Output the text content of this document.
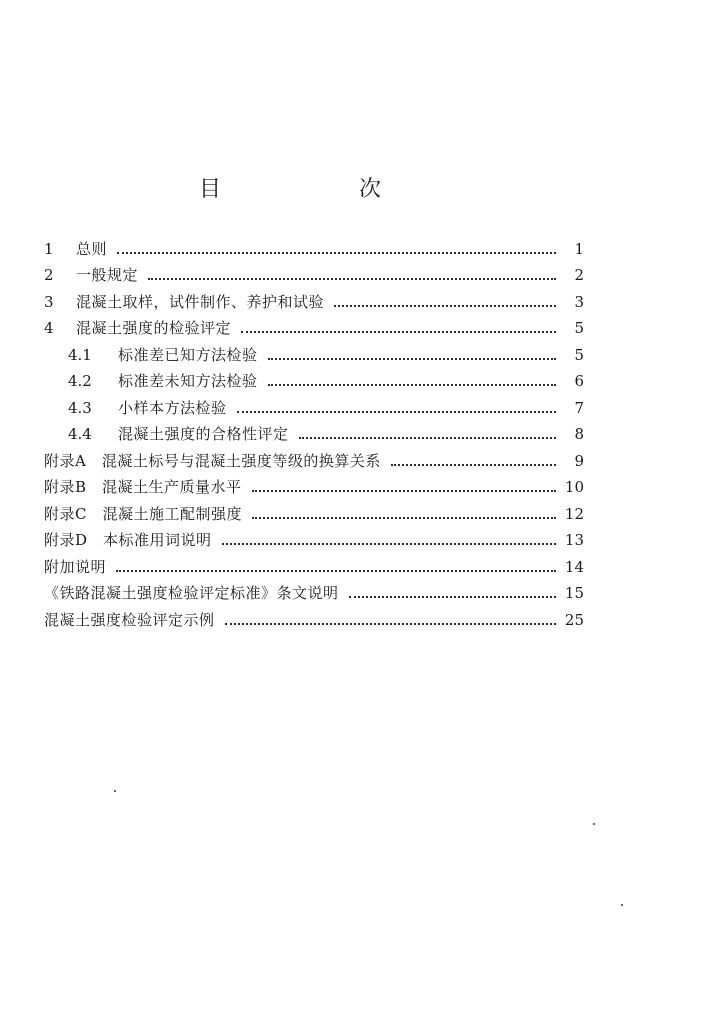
目　次
1	总则	1
2	一般规定	2
3	混凝土取样，试件制作、养护和试验	3
4	混凝土强度的检验评定	5
4.1	标准差已知方法检验	5
4.2	标准差未知方法检验	6
4.3	小样本方法检验	7
4.4	混凝土强度的合格性评定	8
附录A　混凝土标号与混凝土强度等级的换算关系	9
附录B　混凝土生产质量水平	10
附录C　混凝土施工配制强度	12
附录D　本标准用词说明	13
附加说明	14
《铁路混凝土强度检验评定标准》条文说明	15
混凝土强度检验评定示例	25
